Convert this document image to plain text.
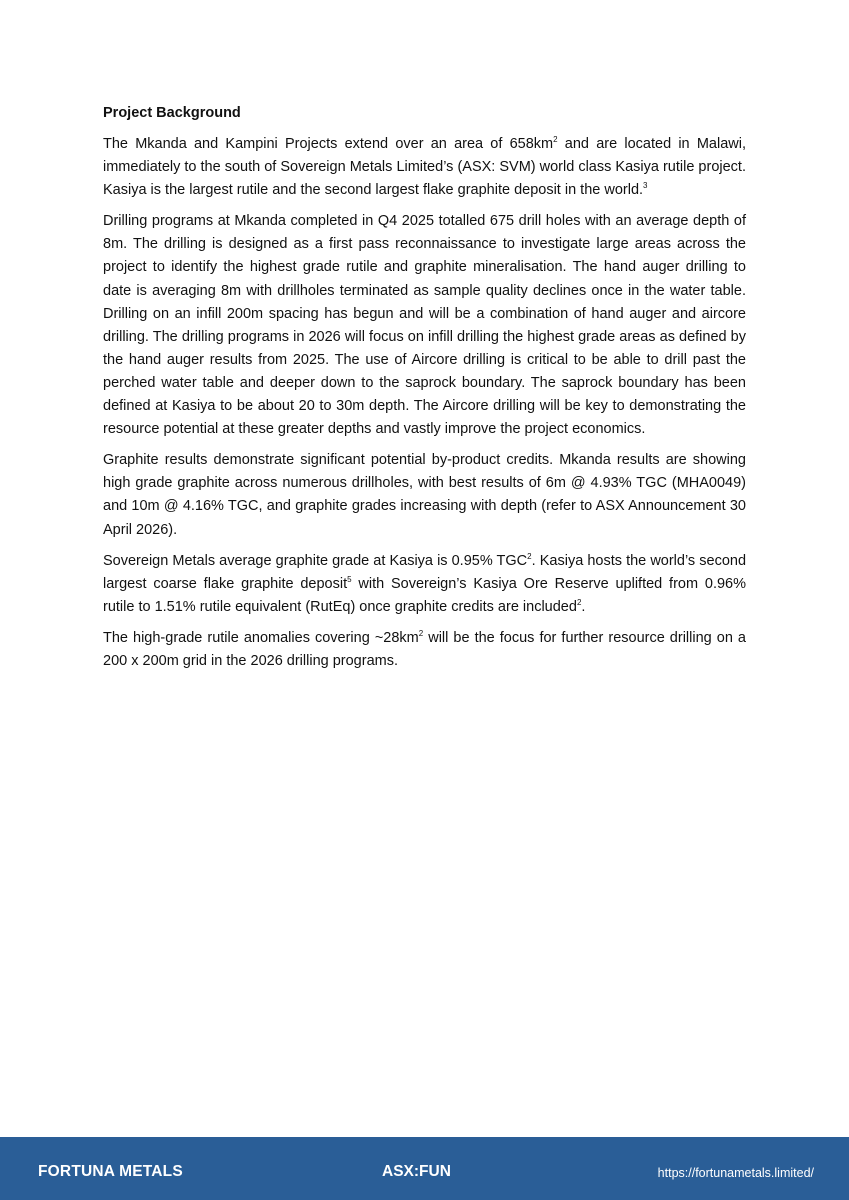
Project Background

The Mkanda and Kampini Projects extend over an area of $658km^2$ and are located in Malawi, immediately to the south of Sovereign Metals Limited’s (ASX: SVM) world class Kasiya rutile project. Kasiya is the largest rutile and the second largest flake graphite deposit in the world.$^3$

Drilling programs at Mkanda completed in Q4 2025 totalled 675 drill holes with an average depth of 8m. The drilling is designed as a first pass reconnaissance to investigate large areas across the project to identify the highest grade rutile and graphite mineralisation. The hand auger drilling to date is averaging 8m with drillholes terminated as sample quality declines once in the water table. Drilling on an infill 200m spacing has begun and will be a combination of hand auger and aircore drilling. The drilling programs in 2026 will focus on infill drilling the highest grade areas as defined by the hand auger results from 2025. The use of Aircore drilling is critical to be able to drill past the perched water table and deeper down to the saprock boundary. The saprock boundary has been defined at Kasiya to be about 20 to 30m depth. The Aircore drilling will be key to demonstrating the resource potential at these greater depths and vastly improve the project economics.

Graphite results demonstrate significant potential by-product credits. Mkanda results are showing high grade graphite across numerous drillholes, with best results of 6m @ 4.93% TGC (MHA0049) and 10m @ 4.16% TGC, and graphite grades increasing with depth (refer to ASX Announcement 30 April 2026).

Sovereign Metals average graphite grade at Kasiya is 0.95% TGC$^2$. Kasiya hosts the world’s second largest coarse flake graphite deposit$^5$ with Sovereign’s Kasiya Ore Reserve uplifted from 0.96% rutile to 1.51% rutile equivalent (RutEq) once graphite credits are included$^2$.

The high-grade rutile anomalies covering $\sim 28km^2$ will be the focus for further resource drilling on a 200 x 200m grid in the 2026 drilling programs.

FORTUNA METALS	ASX:FUN	https://fortunametals.limited/
